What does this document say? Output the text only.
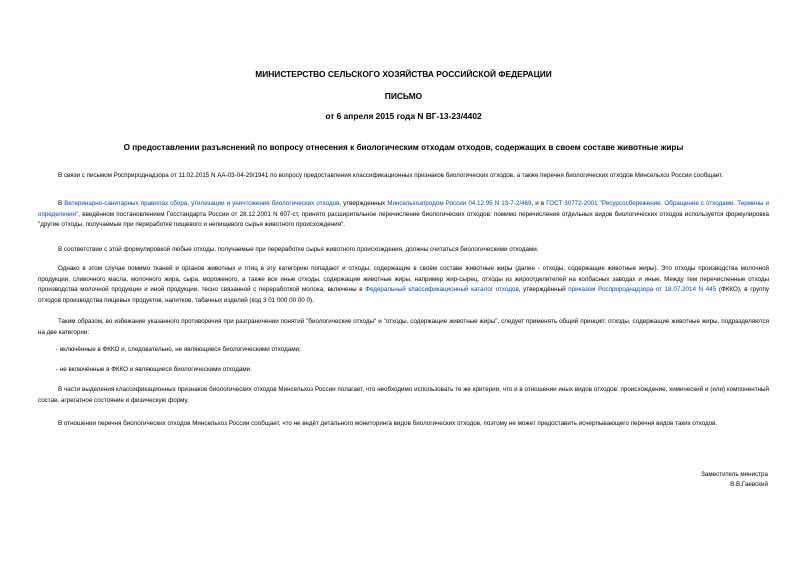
МИНИСТЕРСТВО СЕЛЬСКОГО ХОЗЯЙСТВА РОССИЙСКОЙ ФЕДЕРАЦИИ
ПИСЬМО
от 6 апреля 2015 года N ВГ-13-23/4402
О предоставлении разъяснений по вопросу отнесения к биологическим отходам отходов, содержащих в своем составе животные жиры
В связи с письмом Росприроднадзора от 11.02.2015 N АА-03-04-29/1941 по вопросу предоставления классификационных признаков биологических отходов, а также перечня биологических отходов Минсельхоз России сообщает.
В Ветеринарно-санитарных правилах сбора, утилизации и уничтожения биологических отходов, утвержденных Минсельхозпродом России 04.12.95 N 13-7-2/469, и в ГОСТ 30772-2001 "Ресурсосбережение. Обращение с отходами. Термины и определения", введённом постановлением Госстандарта России от 28.12.2001 N 607-ст, принято расширительное перечисление биологических отходов: помимо перечисления отдельных видов биологических отходов используется формулировка "другие отходы, получаемые при переработке пищевого и непищевого сырья животного происхождения".
В соответствии с этой формулировкой любые отходы, получаемые при переработке сырья животного происхождения, должны считаться биологическими отходами.
Однако в этом случае помимо тканей и органов животных и птиц в эту категорию попадают и отходы, содержащие в своём составе животные жиры (далее - отходы, содержащие животные жиры). Это отходы производства молочной продукции, сливочного масла, молочного жира, сыра, мороженого, а также все иные отходы, содержащие животные жиры, например жир-сырец, отходы из жироотделителей на колбасных заводах и иные. Между тем перечисленные отходы производства молочной продукции и иной продукции, тесно связанной с переработкой молока, включены в Федеральный классификационный каталог отходов, утверждённый приказом Росприроднадзора от 18.07.2014 N 445 (ФККО), в группу отходов производства пищевых продуктов, напитков, табачных изделий (код 3 01 000 00 00 0).
Таким образом, во избежание указанного противоречия при разграничении понятий "биологические отходы" и "отходы, содержащие животные жиры", следует применять общий принцип: отходы, содержащие животные жиры, подразделяются на две категории:
- включённые в ФККО и, следовательно, не являющиеся биологическими отходами;
- не включённые в ФККО и являющиеся биологическими отходами.
В части выделения классификационных признаков биологических отходов Минсельхоз России полагает, что необходимо использовать те же критерии, что и в отношении иных видов отходов: происхождение, химический и (или) компонентный состав, агрегатное состояние и физическую форму.
В отношении перечня биологических отходов Минсельхоз России сообщает, что не ведёт детального мониторинга видов биологических отходов, поэтому не может предоставить исчерпывающего перечня видов таких отходов.
Заместитель министра
В.В.Гаевский
